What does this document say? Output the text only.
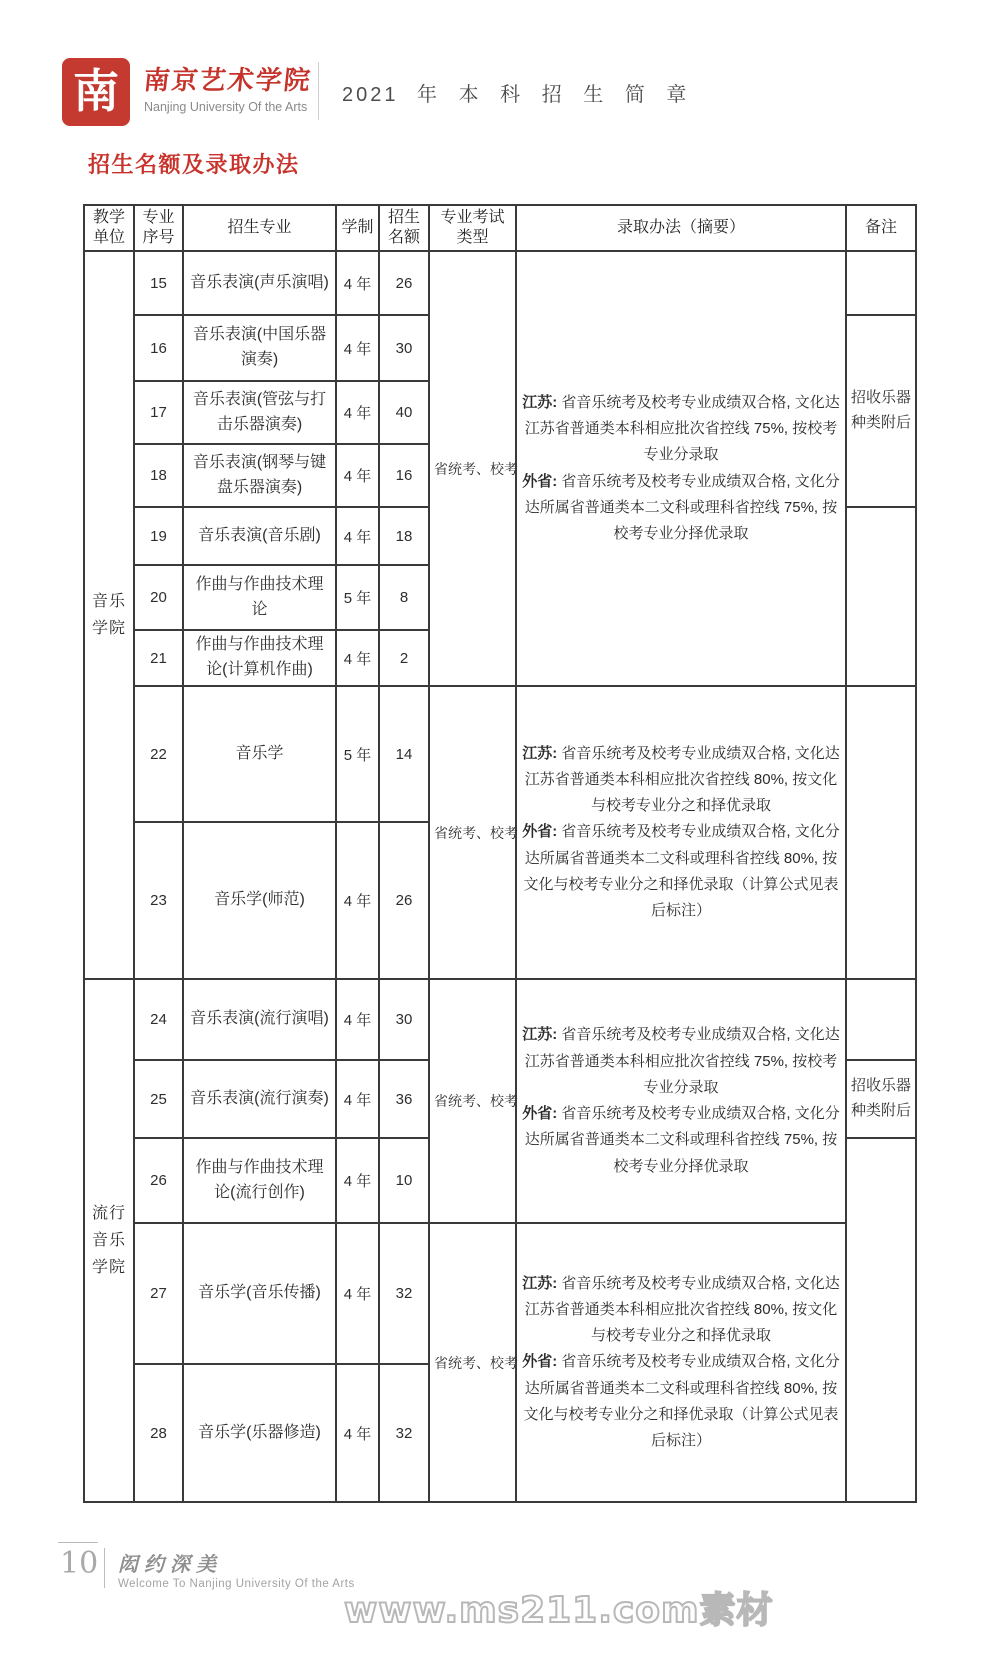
南 南京艺术学院
Nanjing University Of the Arts
2021 年 本 科 招 生 简 章
招生名额及录取办法
教学单位	专业序号	招生专业	学制	招生名额	专业考试类型	录取办法（摘要）	备注
音乐学院	15	音乐表演(声乐演唱)	4 年	26	省统考、校考	江苏: 省音乐统考及校考专业成绩双合格, 文化达江苏省普通类本科相应批次省控线 75%, 按校考专业分录取

外省: 省音乐统考及校考专业成绩双合格, 文化分达所属省普通类本二文科或理科省控线 75%, 按校考专业分择优录取	

	16	音乐表演(中国乐器演奏)	4 年	30			招收乐器种类附后
	17	音乐表演(管弦与打击乐器演奏)	4 年	40			
	18	音乐表演(钢琴与键盘乐器演奏)	4 年	16			
	19	音乐表演(音乐剧)	4 年	18			
	20	作曲与作曲技术理论	5 年	8			
	21	作曲与作曲技术理论(计算机作曲)	4 年	2			
	22	音乐学	5 年	14	省统考、校考	江苏: 省音乐统考及校考专业成绩双合格, 文化达江苏省普通类本科相应批次省控线 80%, 按文化与校考专业分之和择优录取

外省: 省音乐统考及校考专业成绩双合格, 文化分达所属省普通类本二文科或理科省控线 80%, 按文化与校考专业分之和择优录取（计算公式见表后标注）	

	23	音乐学(师范)	4 年	26			
流行音乐学院	24	音乐表演(流行演唱)	4 年	30	省统考、校考	江苏: 省音乐统考及校考专业成绩双合格, 文化达江苏省普通类本科相应批次省控线 75%, 按校考专业分录取

外省: 省音乐统考及校考专业成绩双合格, 文化分达所属省普通类本二文科或理科省控线 75%, 按校考专业分择优录取	

	25	音乐表演(流行演奏)	4 年	36			招收乐器种类附后
	26	作曲与作曲技术理论(流行创作)	4 年	10			
	27	音乐学(音乐传播)	4 年	32	省统考、校考	江苏: 省音乐统考及校考专业成绩双合格, 文化达江苏省普通类本科相应批次省控线 80%, 按文化与校考专业分之和择优录取

外省: 省音乐统考及校考专业成绩双合格, 文化分达所属省普通类本二文科或理科省控线 80%, 按文化与校考专业分之和择优录取（计算公式见表后标注）	

	28	音乐学(乐器修造)	4 年	32			
10 闳约深美
Welcome To Nanjing University Of the Arts
www.ms211.com素材
